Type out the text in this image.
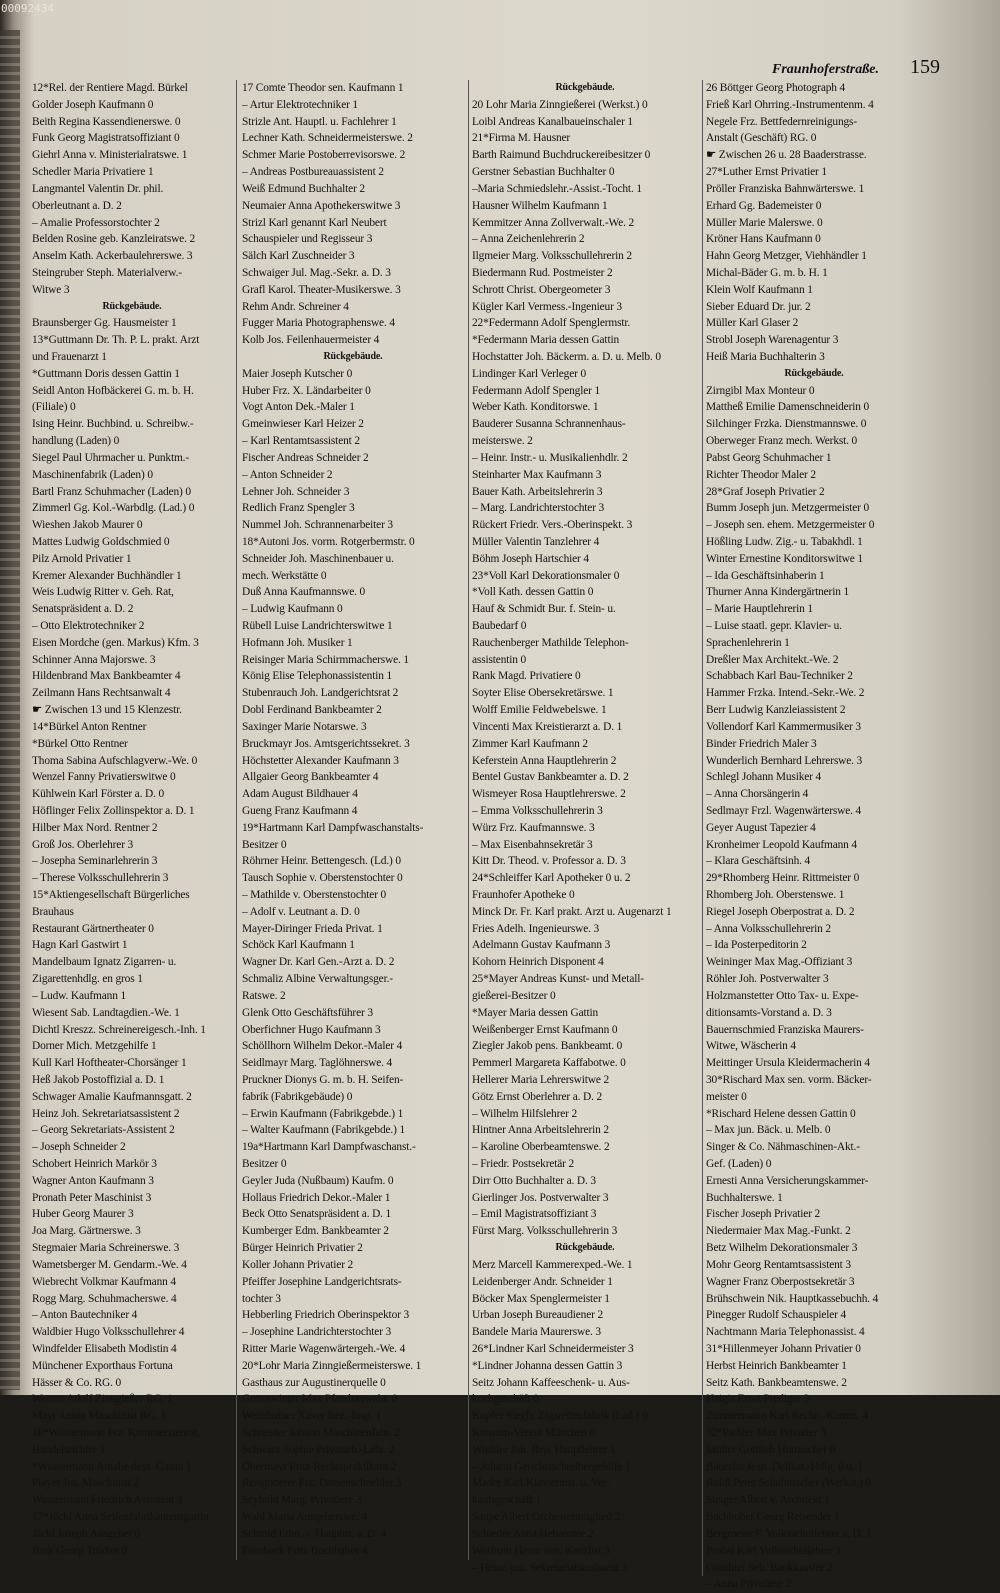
00092434
Fraunhoferstraße. 159
12*Rel. der Rentiere Magd. Bürkel
Golder Joseph Kaufmann 0
Beith Regina Kassendienerswe. 0
Funk Georg Magistratsoffiziant 0
Giehrl Anna v. Ministerialratswe. 1
Schedler Maria Privatiere 1
Langmantel Valentin Dr. phil.
Oberleutnant a. D. 2
– Amalie Professorstochter 2
Belden Rosine geb. Kanzleiratswe. 2
Anselm Kath. Ackerbaulehrerswe. 3
Steingruber Steph. Materialverw.-
Witwe 3
Rückgebäude.
Braunsberger Gg. Hausmeister 1
13*Guttmann Dr. Th. P. L. prakt. Arzt
und Frauenarzt 1
*Guttmann Doris dessen Gattin 1
Seidl Anton Hofbäckerei G. m. b. H.
(Filiale) 0
Ising Heinr. Buchbind. u. Schreibw.-
handlung (Laden) 0
Siegel Paul Uhrmacher u. Punktm.-
Maschinenfabrik (Laden) 0
Bartl Franz Schuhmacher (Laden) 0
Zimmerl Gg. Kol.-Warbdlg. (Lad.) 0
Wieshen Jakob Maurer 0
Mattes Ludwig Goldschmied 0
Pilz Arnold Privatier 1
Kremer Alexander Buchhändler 1
Weis Ludwig Ritter v. Geh. Rat,
Senatspräsident a. D. 2
– Otto Elektrotechniker 2
Eisen Mordche (gen. Markus) Kfm. 3
Schinner Anna Majorswe. 3
Hildenbrand Max Bankbeamter 4
Zeilmann Hans Rechtsanwalt 4
☛ Zwischen 13 und 15 Klenzestr.
14*Bürkel Anton Rentner
*Bürkel Otto Rentner
Thoma Sabina Aufschlagverw.-We. 0
Wenzel Fanny Privatierswitwe 0
Kühlwein Karl Förster a. D. 0
Höflinger Felix Zollinspektor a. D. 1
Hilber Max Nord. Rentner 2
Groß Jos. Oberlehrer 3
– Josepha Seminarlehrerin 3
– Therese Volksschullehrerin 3
15*Aktiengesellschaft Bürgerliches
Brauhaus
Restaurant Gärtnertheater 0
Hagn Karl Gastwirt 1
Mandelbaum Ignatz Zigarren- u.
Zigarettenhdlg. en gros 1
– Ludw. Kaufmann 1
Wiesent Sab. Landtagdien.-We. 1
Dichtl Kreszz. Schreinereigesch.-Inh. 1
Dorner Mich. Metzgehilfe 1
Kull Karl Hoftheater-Chorsänger 1
Heß Jakob Postoffizial a. D. 1
Schwager Amalie Kaufmannsgatt. 2
Heinz Joh. Sekretariatsassistent 2
– Georg Sekretariats-Assistent 2
– Joseph Schneider 2
Schobert Heinrich Markör 3
Wagner Anton Kaufmann 3
Pronath Peter Maschinist 3
Huber Georg Maurer 3
Joa Marg. Gärtnerswe. 3
Stegmaier Maria Schreinerswe. 3
Wametsberger M. Gendarm.-We. 4
Wiebrecht Volkmar Kaufmann 4
Rogg Marg. Schuhmacherswe. 4
– Anton Bautechniker 4
Waldbier Hugo Volksschullehrer 4
Windfelder Elisabeth Modistin 4
Münchener Exporthaus Fortuna
Hässer & Co. RG. 0
Werner Adolf Zinngießer RG. 1
Mayr Anton Maschinist RG. 1
16*Wassermann Frz. Kommerzienrat,
Handelsrichter 1
*Wassermann Amalie dess. Gattin 1
Player Jos. Maschinist 2
Wassermann Friedrich Assistent 3
17*Jöckl Anna Seifenfabrikantensgattin
Jäckl Joseph Ausgeher 0
Bink Georg Trödler 0
17 Comte Theodor sen. Kaufmann 1
– Artur Elektrotechniker 1
Strizle Ant. Hauptl. u. Fachlehrer 1
Lechner Kath. Schneidermeisterswe. 2
Schmer Marie Postoberrevisorswe. 2
– Andreas Postbureauassistent 2
Weiß Edmund Buchhalter 2
Neumaier Anna Apothekerswitwe 3
Strizl Karl genannt Karl Neubert
Schauspieler und Regisseur 3
Sälch Karl Zuschneider 3
Schwaiger Jul. Mag.-Sekr. a. D. 3
Grafl Karol. Theater-Musikerswe. 3
Rehm Andr. Schreiner 4
Fugger Maria Photographenswe. 4
Kolb Jos. Feilenhauermeister 4
Rückgebäude.
Maier Joseph Kutscher 0
Huber Frz. X. Ländarbeiter 0
Vogt Anton Dek.-Maler 1
Gmeinwieser Karl Heizer 2
– Karl Rentamtsassistent 2
Fischer Andreas Schneider 2
– Anton Schneider 2
Lehner Joh. Schneider 3
Redlich Franz Spengler 3
Nummel Joh. Schrannenarbeiter 3
18*Autoni Jos. vorm. Rotgerbermstr. 0
Schneider Joh. Maschinenbauer u.
mech. Werkstätte 0
Duß Anna Kaufmannswe. 0
– Ludwig Kaufmann 0
Rübell Luise Landrichterswitwe 1
Hofmann Joh. Musiker 1
Reisinger Maria Schirmmacherswe. 1
König Elise Telephonassistentin 1
Stubenrauch Joh. Landgerichtsrat 2
Dobl Ferdinand Bankbeamter 2
Saxinger Marie Notarswe. 3
Bruckmayr Jos. Amtsgerichtssekret. 3
Höchstetter Alexander Kaufmann 3
Allgaier Georg Bankbeamter 4
Adam August Bildhauer 4
Gueng Franz Kaufmann 4
19*Hartmann Karl Dampfwaschanstalts-
Besitzer 0
Röhrner Heinr. Bettengesch. (Ld.) 0
Tausch Sophie v. Oberstenstochter 0
– Mathilde v. Oberstenstochter 0
– Adolf v. Leutnant a. D. 0
Mayer-Diringer Frieda Privat. 1
Schöck Karl Kaufmann 1
Wagner Dr. Karl Gen.-Arzt a. D. 2
Schmaliz Albine Verwaltungsger.-
Ratswe. 2
Glenk Otto Geschäftsführer 3
Oberfichner Hugo Kaufmann 3
Schöllhorn Wilhelm Dekor.-Maler 4
Seidlmayr Marg. Taglöhnerswe. 4
Pruckner Dionys G. m. b. H. Seifen-
fabrik (Fabrikgebäude) 0
– Erwin Kaufmann (Fabrikgebde.) 1
– Walter Kaufmann (Fabrikgebde.) 1
19a*Hartmann Karl Dampfwaschanst.-
Besitzer 0
Geyler Juda (Nußbaum) Kaufm. 0
Hollaus Friedrich Dekor.-Maler 1
Beck Otto Senatspräsident a. D. 1
Kumberger Edm. Bankbeamter 2
Bürger Heinrich Privatier 2
Koller Johann Privatier 2
Pfeiffer Josephine Landgerichtsrats-
tochter 3
Hebberling Friedrich Oberinspektor 3
– Josephine Landrichterstochter 3
Ritter Marie Wagenwärtergeh.-We. 4
20*Lohr Maria Zinngießermeisterswe. 1
Gasthaus zur Augustinerquelle 0
Gotteswinter Max Pfandverwahr. 0
Weinfurtner Xaver Bez.-Insp. 1
Schneider Johann Maschinenfabr. 2
Schwarz Sophie Privatarb.-Lehr. 2
Obermayr Fritz Rechtspraktikant 2
Reisgotterer Frz. Damenschneider 3
Seybold Marg. Privatiere 3
Wahl Maria Ausgeherswe. 4
Schmid Edm. v. Hauptm. a. D. 4
Esenbeck Fritz Buchhalter 4
Rückgebäude.
20 Lohr Maria Zinngießerei (Werkst.) 0
Loibl Andreas Kanalbaueinschaler 1
21*Firma M. Hausner
Barth Raimund Buchdruckereibesitzer 0
Gerstner Sebastian Buchhalter 0
–Maria Schmiedslehr.-Assist.-Tocht. 1
Hausner Wilhelm Kaufmann 1
Kemmitzer Anna Zollverwalt.-We. 2
– Anna Zeichenlehrerin 2
Ilgmeier Marg. Volksschullehrerin 2
Biedermann Rud. Postmeister 2
Schrott Christ. Obergeometer 3
Kügler Karl Vermess.-Ingenieur 3
22*Federmann Adolf Spenglermstr.
*Federmann Maria dessen Gattin
Hochstatter Joh. Bäckerm. a. D. u. Melb. 0
Lindinger Karl Verleger 0
Federmann Adolf Spengler 1
Weber Kath. Konditorswe. 1
Bauderer Susanna Schrannenhaus-
meisterswe. 2
– Heinr. Instr.- u. Musikalienhdlr. 2
Steinharter Max Kaufmann 3
Bauer Kath. Arbeitslehrerin 3
– Marg. Landrichterstochter 3
Rückert Friedr. Vers.-Oberinspekt. 3
Müller Valentin Tanzlehrer 4
Böhm Joseph Hartschier 4
23*Voll Karl Dekorationsmaler 0
*Voll Kath. dessen Gattin 0
Hauf & Schmidt Bur. f. Stein- u.
Baubedarf 0
Rauchenberger Mathilde Telephon-
assistentin 0
Rank Magd. Privatiere 0
Soyter Elise Obersekretärswe. 1
Wolff Emilie Feldwebelswe. 1
Vincenti Max Kreistierarzt a. D. 1
Zimmer Karl Kaufmann 2
Keferstein Anna Hauptlehrerin 2
Bentel Gustav Bankbeamter a. D. 2
Wismeyer Rosa Hauptlehrerswe. 2
– Emma Volksschullehrerin 3
Würz Frz. Kaufmannswe. 3
– Max Eisenbahnsekretär 3
Kitt Dr. Theod. v. Professor a. D. 3
24*Schleiffer Karl Apotheker 0 u. 2
Fraunhofer Apotheke 0
Minck Dr. Fr. Karl prakt. Arzt u. Augenarzt 1
Fries Adelh. Ingenieurswe. 3
Adelmann Gustav Kaufmann 3
Kohorn Heinrich Disponent 4
25*Mayer Andreas Kunst- und Metall-
gießerei-Besitzer 0
*Mayer Maria dessen Gattin
Weißenberger Ernst Kaufmann 0
Ziegler Jakob pens. Bankbeamt. 0
Pemmerl Margareta Kaffabotwe. 0
Hellerer Maria Lehrerswitwe 2
Götz Ernst Oberlehrer a. D. 2
– Wilhelm Hilfslehrer 2
Hintner Anna Arbeitslehrerin 2
– Karoline Oberbeamtenswe. 2
– Friedr. Postsekretär 2
Dirr Otto Buchhalter a. D. 3
Gierlinger Jos. Postverwalter 3
– Emil Magistratsoffiziant 3
Fürst Marg. Volksschullehrerin 3
Rückgebäude.
Merz Marcell Kammerexped.-We. 1
Leidenberger Andr. Schneider 1
Böcker Max Spenglermeister 1
Urban Joseph Bureaudiener 2
Bandele Maria Maurerswe. 3
26*Lindner Karl Schneidermeister 3
*Lindner Johanna dessen Gattin 3
Seitz Johann Kaffeeschenk- u. Aus-
kochgeschäft 0
Kupfer Siegfr. Zigarettenfabrik (Lad.) 0
Konsum-Verein München 0
Winkler Joh. Rep. Hauptlehrer 1
– Johann Gerichtsschreibergehilfe 1
Mader Karl Klaviermst. u. Ver-
kaufsgeschäft 1
Saupe Albert Orchestermitglied 2
Schieder Anna Hebamme 2
Wolfrum Heinr. sen. Kanzlist 3
– Heinr. jun. Sekretariatsassistent 3
26 Böttger Georg Photograph 4
Frieß Karl Ohrring.-Instrumentenm. 4
Negele Frz. Bettfedernreinigungs-
Anstalt (Geschäft) RG. 0
☛ Zwischen 26 u. 28 Baaderstrasse.
27*Luther Ernst Privatier 1
Pröller Franziska Bahnwärterswe. 1
Erhard Gg. Bademeister 0
Müller Marie Malerswe. 0
Kröner Hans Kaufmann 0
Hahn Georg Metzger, Viehhändler 1
Michal-Bäder G. m. b. H. 1
Klein Wolf Kaufmann 1
Sieber Eduard Dr. jur. 2
Müller Karl Glaser 2
Strobl Joseph Warenagentur 3
Heiß Maria Buchhalterin 3
Rückgebäude.
Zirngibl Max Monteur 0
Mattheß Emilie Damenschneiderin 0
Silchinger Frzka. Dienstmannswe. 0
Oberweger Franz mech. Werkst. 0
Pabst Georg Schuhmacher 1
Richter Theodor Maler 2
28*Graf Joseph Privatier 2
Bumm Joseph jun. Metzgermeister 0
– Joseph sen. ehem. Metzgermeister 0
Hößling Ludw. Zig.- u. Tabakhdl. 1
Winter Ernestine Konditorswitwe 1
– Ida Geschäftsinhaberin 1
Thurner Anna Kindergärtnerin 1
– Marie Hauptlehrerin 1
– Luise staatl. gepr. Klavier- u.
Sprachenlehrerin 1
Dreßler Max Architekt.-We. 2
Schabbach Karl Bau-Techniker 2
Hammer Frzka. Intend.-Sekr.-We. 2
Berr Ludwig Kanzleiassistent 2
Vollendorf Karl Kammermusiker 3
Binder Friedrich Maler 3
Wunderlich Bernhard Lehrerswe. 3
Schlegl Johann Musiker 4
– Anna Chorsängerin 4
Sedlmayr Frzl. Wagenwärterswe. 4
Geyer August Tapezier 4
Kronheimer Leopold Kaufmann 4
– Klara Geschäftsinh. 4
29*Rhomberg Heinr. Rittmeister 0
Rhomberg Joh. Oberstenswe. 1
Riegel Joseph Oberpostrat a. D. 2
– Anna Volksschullehrerin 2
– Ida Posterpeditorin 2
Weininger Max Mag.-Offiziant 3
Röhler Joh. Postverwalter 3
Holzmanstetter Otto Tax- u. Expe-
ditionsamts-Vorstand a. D. 3
Bauernschmied Franziska Maurers-
Witwe, Wäscherin 4
Meittinger Ursula Kleidermacherin 4
30*Rischard Max sen. vorm. Bäcker-
meister 0
*Rischard Helene dessen Gattin 0
– Max jun. Bäck. u. Melb. 0
Singer & Co. Nähmaschinen-Akt.-
Gef. (Laden) 0
Ernesti Anna Versicherungskammer-
Buchhalterswe. 1
Fischer Joseph Privatier 2
Niedermaier Max Mag.-Funkt. 2
Betz Wilhelm Dekorationsmaler 3
Mohr Georg Rentamtsassistent 3
Wagner Franz Oberpostsekretär 3
Brühschwein Nik. Hauptkassebuchh. 4
Pinegger Rudolf Schauspieler 4
Nachtmann Maria Telephonassist. 4
31*Hillenmeyer Johann Privatier 0
Herbst Heinrich Bankbeamter 1
Seitz Kath. Bankbeamtenswe. 2
Haigis Ernst Prediger 3
Zimmermann Karl Rechn.-Komm. 4
32*Pichler Max Privatier 3
Müller Gottlieb Hutmacher 0
Bäuerlin Jean. Delikat.-Hdlg. 0 u. 1
Roidl Peter Schuhmacher (Werkst.) 0
Steiger Albert v. Architekt 1
Bachhuber Georg Reisender 1
Bergmeier F. Volksschullehrer a. D. 1
Probst Karl Volksschullehrer 1
Gouthier Seb. Bankkassier 2
– Anna Privatiere 2
